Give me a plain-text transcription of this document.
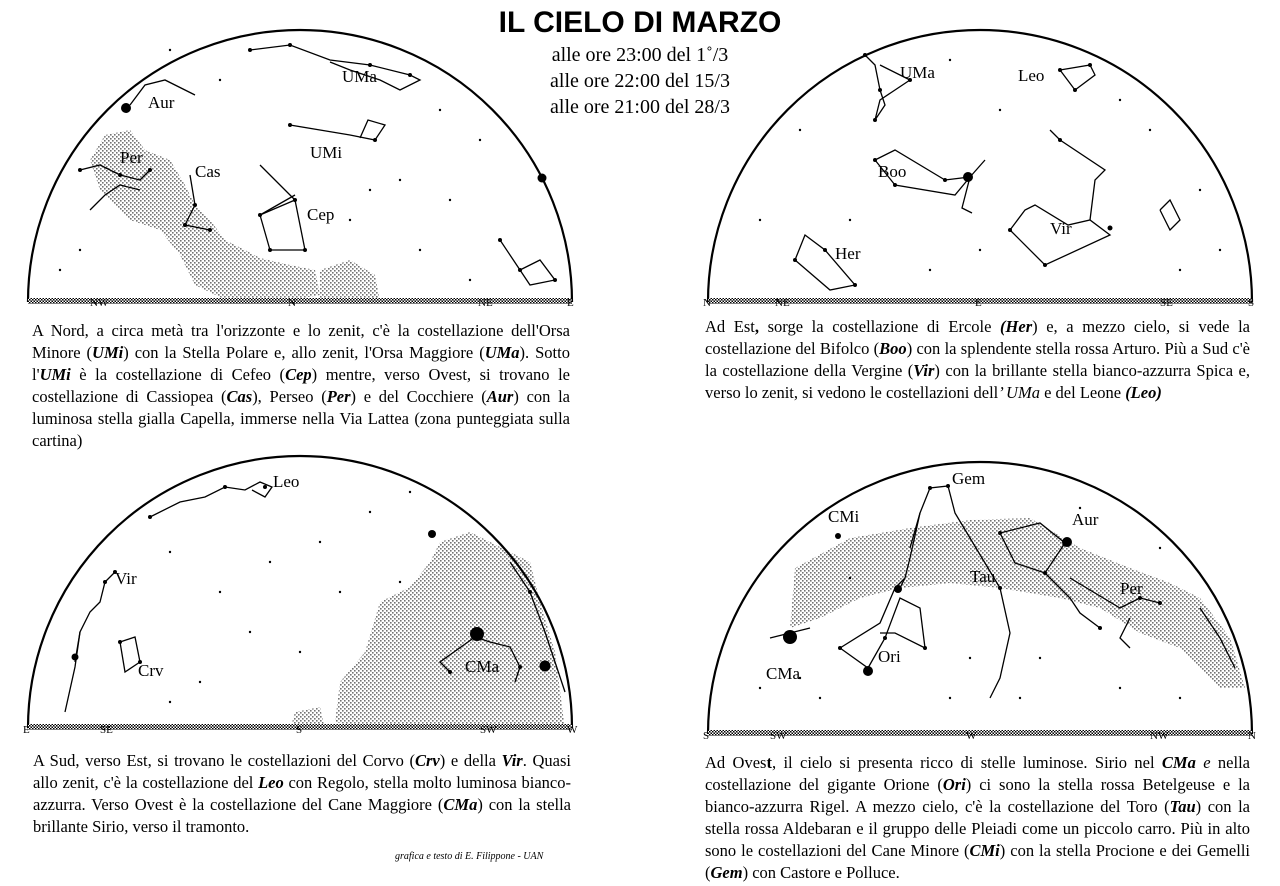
IL CIELO DI MARZO
alle ore 23:00 del 1˚/3
alle ore 22:00 del 15/3
alle ore 21:00 del 28/3
NW	N	NE	E
UMa
Aur
Per
Cas
UMi
Cep
N	NE	E	SE	S
UMa	Leo
Boo
Vir
Her
E	SE	S	SW	W
Leo
Vir
Crv	CMa
S	SW	W	NW	N
Gem
CMi	Aur
Tau
Per
Ori
CMa
A Nord, a circa metà tra l'orizzonte e lo zenit, c'è la costellazione dell'Orsa Minore (UMi) con la Stella Polare e, allo zenit, l'Orsa Maggiore (UMa). Sotto l'UMi è la costellazione di Cefeo (Cep) mentre, verso Ovest, si trovano le costellazione di Cassiopea (Cas), Perseo (Per) e del Cocchiere (Aur) con la luminosa stella gialla Capella, immerse nella Via Lattea (zona punteggiata sulla cartina)
Ad Est, sorge la costellazione di Ercole (Her) e, a mezzo cielo, si vede la costellazione del Bifolco (Boo) con la splendente stella rossa Arturo. Più a Sud c'è la costellazione della Vergine (Vir) con la brillante stella bianco-azzurra Spica e, verso lo zenit, si vedono le costellazioni dell’ UMa e del Leone (Leo)
A Sud, verso Est, si trovano le costellazioni del Corvo (Crv) e della Vir. Quasi allo zenit, c'è la costellazione del Leo con Regolo, stella molto luminosa bianco-azzurra. Verso Ovest è la costellazione del Cane Maggiore (CMa) con la stella brillante Sirio, verso il tramonto.
Ad Ovest, il cielo si presenta ricco di stelle luminose. Sirio nel CMa e nella costellazione del gigante Orione (Ori) ci sono la stella rossa Betelgeuse e la bianco-azzurra Rigel. A mezzo cielo, c'è la costellazione del Toro (Tau) con la stella rossa Aldebaran e il gruppo delle Pleiadi come un piccolo carro. Più in alto sono le costellazioni del Cane Minore (CMi) con la stella Procione e dei Gemelli (Gem) con Castore e Polluce.
grafica e testo di E. Filippone - UAN
